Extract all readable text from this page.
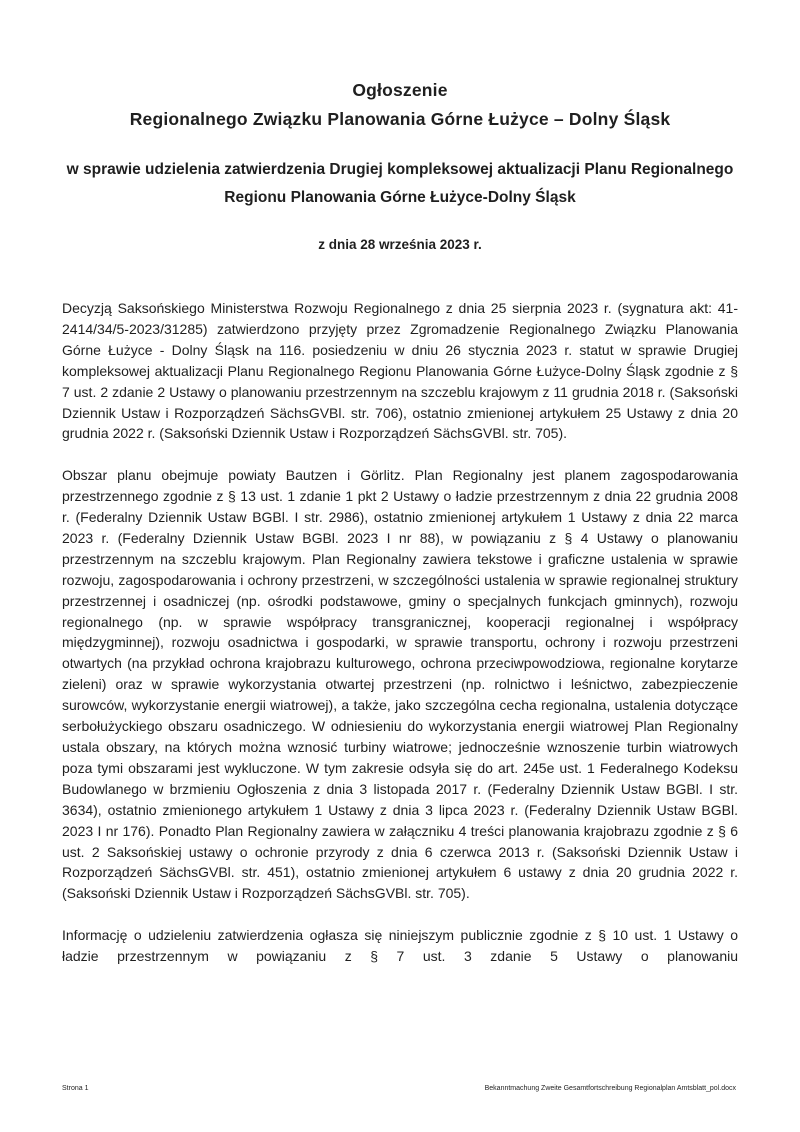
Ogłoszenie
Regionalnego Związku Planowania Górne Łużyce – Dolny Śląsk
w sprawie udzielenia zatwierdzenia Drugiej kompleksowej aktualizacji Planu Regionalnego Regionu Planowania Górne Łużyce-Dolny Śląsk
z dnia 28 września 2023 r.

Decyzją Saksońskiego Ministerstwa Rozwoju Regionalnego z dnia 25 sierpnia 2023 r. (sygnatura akt: 41-2414/34/5-2023/31285) zatwierdzono przyjęty przez Zgromadzenie Regionalnego Związku Planowania Górne Łużyce - Dolny Śląsk na 116. posiedzeniu w dniu 26 stycznia 2023 r. statut w sprawie Drugiej kompleksowej aktualizacji Planu Regionalnego Regionu Planowania Górne Łużyce-Dolny Śląsk zgodnie z § 7 ust. 2 zdanie 2 Ustawy o planowaniu przestrzennym na szczeblu krajowym z 11 grudnia 2018 r. (Saksoński Dziennik Ustaw i Rozporządzeń SächsGVBl. str. 706), ostatnio zmienionej artykułem 25 Ustawy z dnia 20 grudnia 2022 r. (Saksoński Dziennik Ustaw i Rozporządzeń SächsGVBl. str. 705).

Obszar planu obejmuje powiaty Bautzen i Görlitz. Plan Regionalny jest planem zagospodarowania przestrzennego zgodnie z § 13 ust. 1 zdanie 1 pkt 2 Ustawy o ładzie przestrzennym z dnia 22 grudnia 2008 r. (Federalny Dziennik Ustaw BGBl. I str. 2986), ostatnio zmienionej artykułem 1 Ustawy z dnia 22 marca 2023 r. (Federalny Dziennik Ustaw BGBl. 2023 I nr 88), w powiązaniu z § 4 Ustawy o planowaniu przestrzennym na szczeblu krajowym. Plan Regionalny zawiera tekstowe i graficzne ustalenia w sprawie rozwoju, zagospodarowania i ochrony przestrzeni, w szczególności ustalenia w sprawie regionalnej struktury przestrzennej i osadniczej (np. ośrodki podstawowe, gminy o specjalnych funkcjach gminnych), rozwoju regionalnego (np. w sprawie współpracy transgranicznej, kooperacji regionalnej i współpracy międzygminnej), rozwoju osadnictwa i gospodarki, w sprawie transportu, ochrony i rozwoju przestrzeni otwartych (na przykład ochrona krajobrazu kulturowego, ochrona przeciwpowodziowa, regionalne korytarze zieleni) oraz w sprawie wykorzystania otwartej przestrzeni (np. rolnictwo i leśnictwo, zabezpieczenie surowców, wykorzystanie energii wiatrowej), a także, jako szczególna cecha regionalna, ustalenia dotyczące serbołużyckiego obszaru osadniczego. W odniesieniu do wykorzystania energii wiatrowej Plan Regionalny ustala obszary, na których można wznosić turbiny wiatrowe; jednocześnie wznoszenie turbin wiatrowych poza tymi obszarami jest wykluczone. W tym zakresie odsyła się do art. 245e ust. 1 Federalnego Kodeksu Budowlanego w brzmieniu Ogłoszenia z dnia 3 listopada 2017 r. (Federalny Dziennik Ustaw BGBl. I str. 3634), ostatnio zmienionego artykułem 1 Ustawy z dnia 3 lipca 2023 r. (Federalny Dziennik Ustaw BGBl. 2023 I nr 176). Ponadto Plan Regionalny zawiera w załączniku 4 treści planowania krajobrazu zgodnie z § 6 ust. 2 Saksońskiej ustawy o ochronie przyrody z dnia 6 czerwca 2013 r. (Saksoński Dziennik Ustaw i Rozporządzeń SächsGVBl. str. 451), ostatnio zmienionej artykułem 6 ustawy z dnia 20 grudnia 2022 r. (Saksoński Dziennik Ustaw i Rozporządzeń SächsGVBl. str. 705).

Informację o udzieleniu zatwierdzenia ogłasza się niniejszym publicznie zgodnie z § 10 ust. 1 Ustawy o ładzie przestrzennym w powiązaniu z § 7 ust. 3 zdanie 5 Ustawy o planowaniu

Strona 1	Bekanntmachung Zweite Gesamtfortschreibung Regionalplan Amtsblatt_pol.docx
